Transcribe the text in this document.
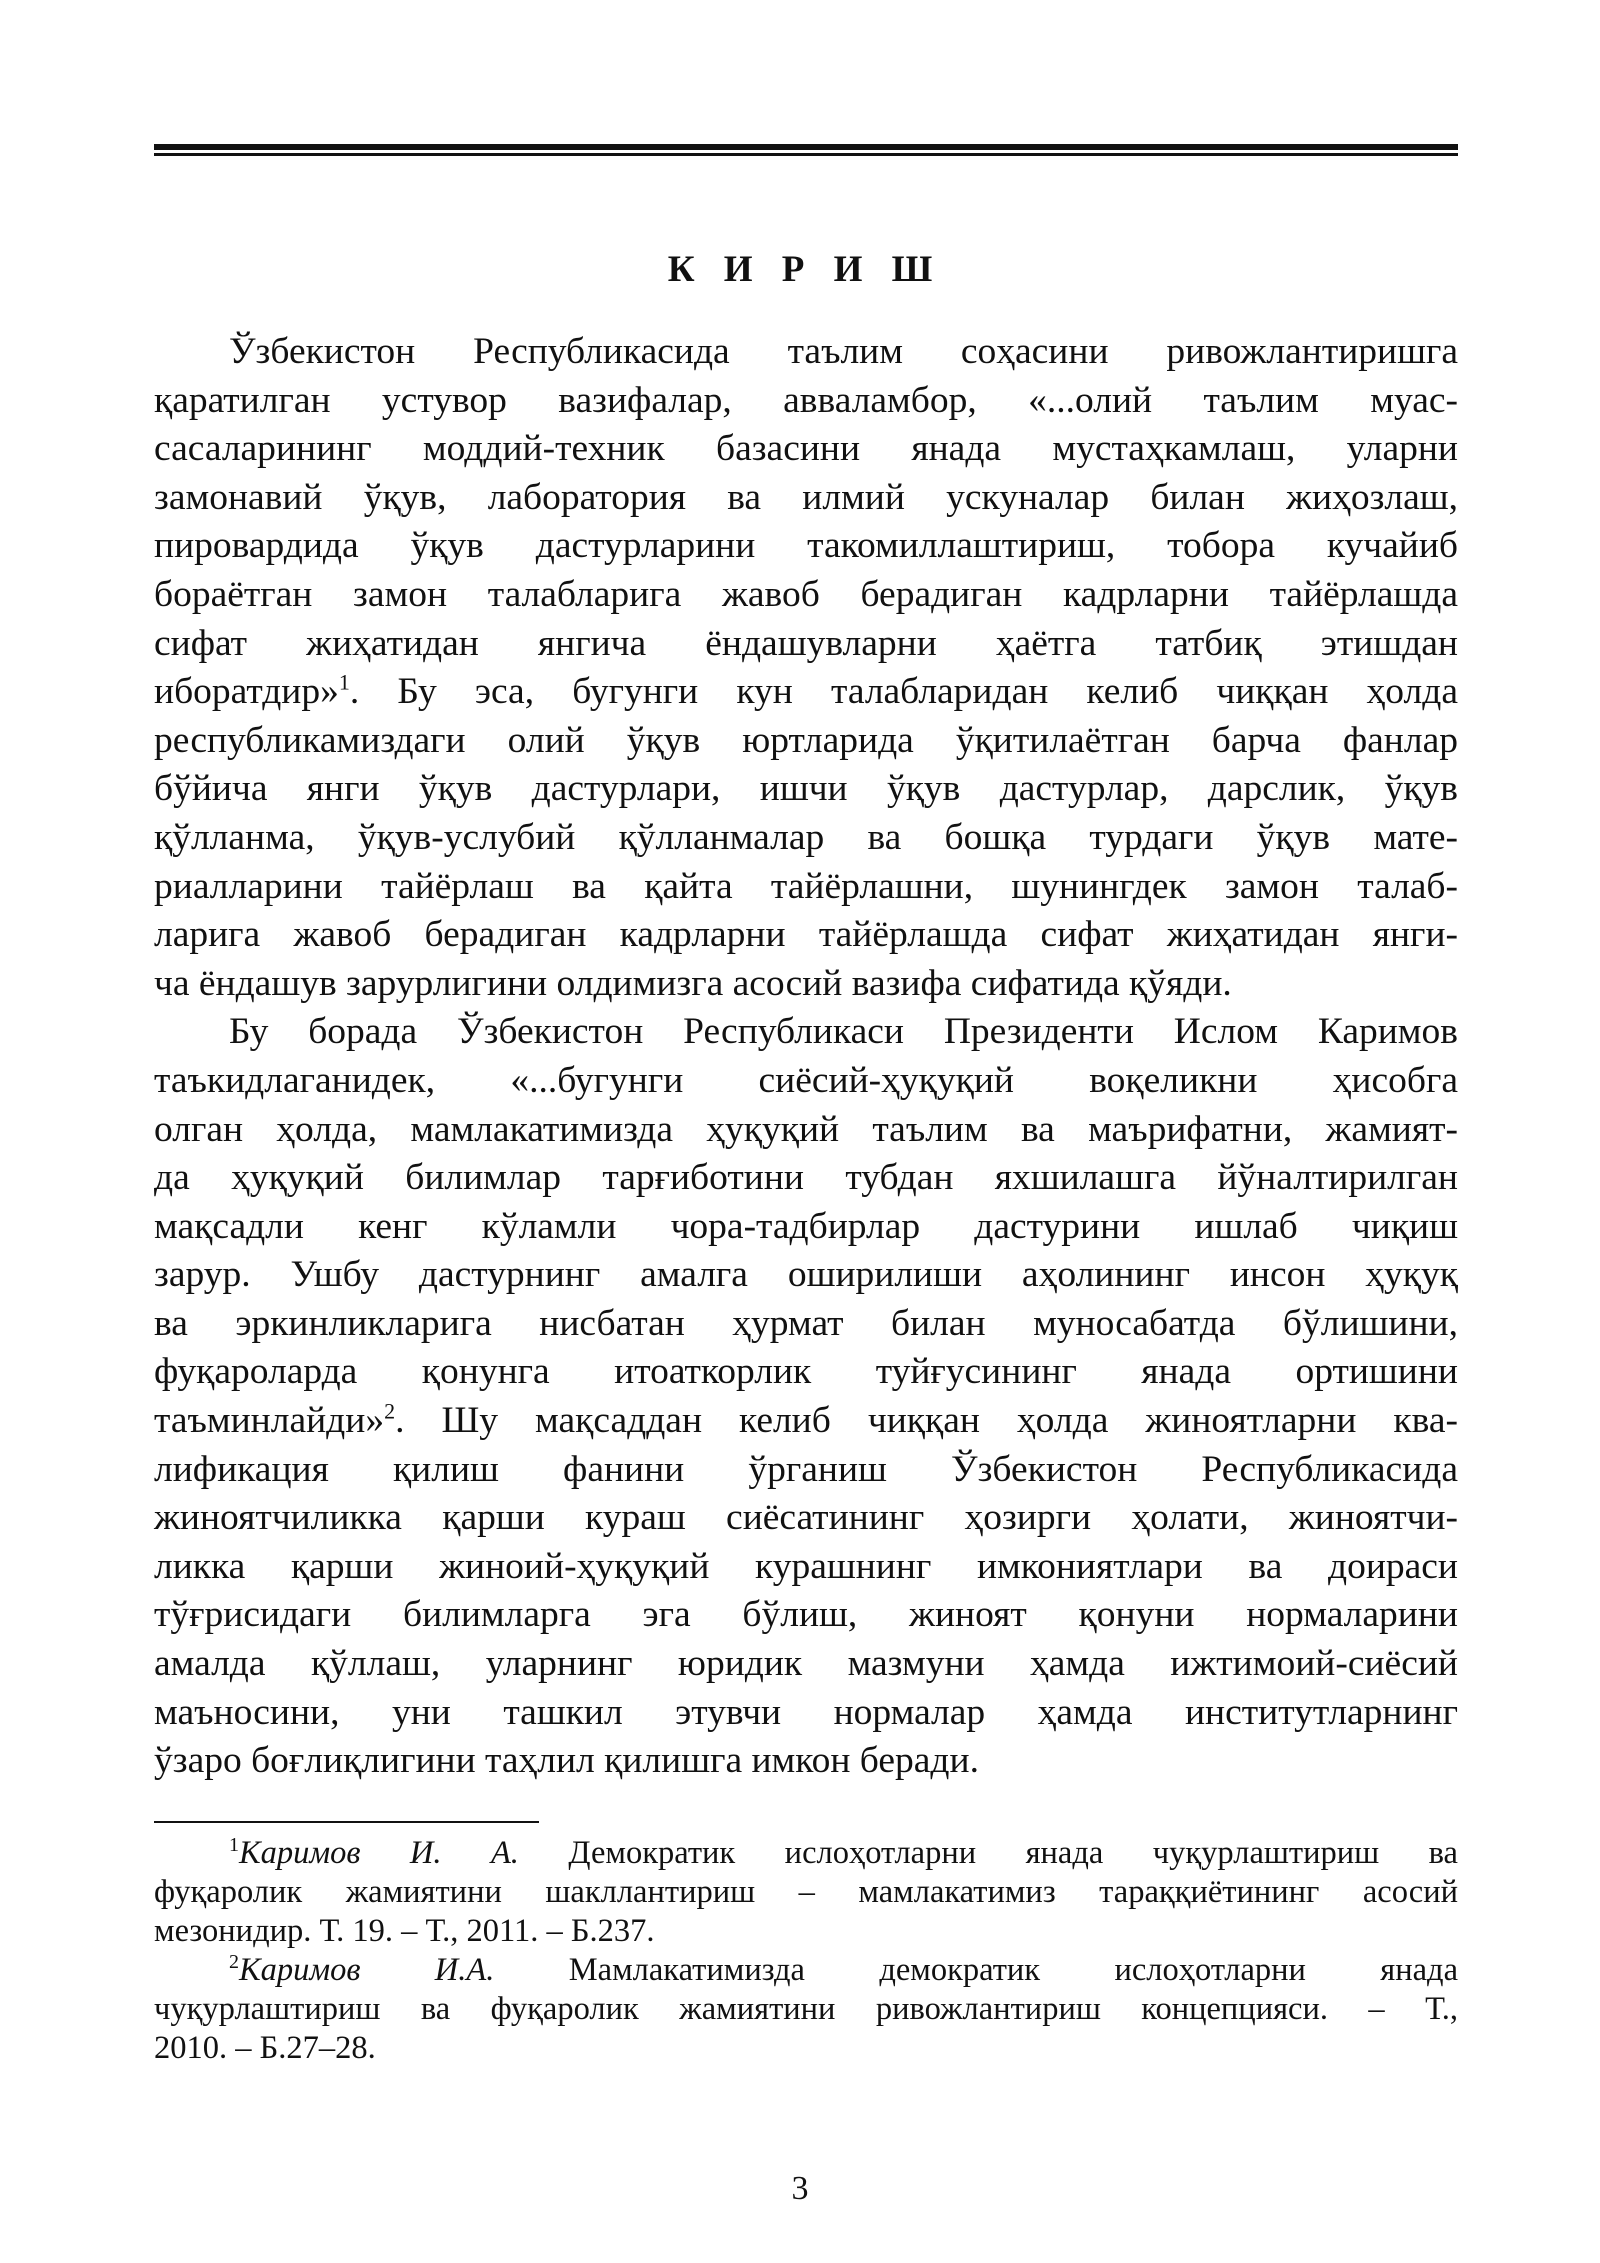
К И Р И Ш
Ўзбекистон Республикасида таълим соҳасини ривожлантиришга
қаратилган устувор вазифалар, авваламбор, «...олий таълим муас-
сасаларининг моддий-техник базасини янада мустаҳкамлаш, уларни
замонавий ўқув, лаборатория ва илмий ускуналар билан жиҳозлаш,
пировардида ўқув дастурларини такомиллаштириш, тобора кучайиб
бораётган замон талабларига жавоб берадиган кадрларни тайёрлашда
сифат жиҳатидан янгича ёндашувларни ҳаётга татбиқ этишдан
иборатдир»$^1$. Бу эса, бугунги кун талабларидан келиб чиққан ҳолда
республикамиздаги олий ўқув юртларида ўқитилаётган барча фанлар
бўйича янги ўқув дастурлари, ишчи ўқув дастурлар, дарслик, ўқув
қўлланма, ўқув-услубий қўлланмалар ва бошқа турдаги ўқув мате-
риалларини тайёрлаш ва қайта тайёрлашни, шунингдек замон талаб-
ларига жавоб берадиган кадрларни тайёрлашда сифат жиҳатидан янги-
ча ёндашув зарурлигини олдимизга асосий вазифа сифатида қўяди.
Бу борада Ўзбекистон Республикаси Президенти Ислом Каримов
таъкидлаганидек, «...бугунги сиёсий-ҳуқуқий воқеликни ҳисобга
олган ҳолда, мамлакатимизда ҳуқуқий таълим ва маърифатни, жамият-
да ҳуқуқий билимлар тарғиботини тубдан яхшилашга йўналтирилган
мақсадли кенг кўламли чора-тадбирлар дастурини ишлаб чиқиш
зарур. Ушбу дастурнинг амалга оширилиши аҳолининг инсон ҳуқуқ
ва эркинликларига нисбатан ҳурмат билан муносабатда бўлишини,
фуқароларда қонунга итоаткорлик туйғусининг янада ортишини
таъминлайди»$^2$. Шу мақсаддан келиб чиққан ҳолда жиноятларни ква-
лификация қилиш фанини ўрганиш Ўзбекистон Республикасида
жиноятчиликка қарши кураш сиёсатининг ҳозирги ҳолати, жиноятчи-
ликка қарши жиноий-ҳуқуқий курашнинг имкониятлари ва доираси
тўғрисидаги билимларга эга бўлиш, жиноят қонуни нормаларини
амалда қўллаш, уларнинг юридик мазмуни ҳамда ижтимоий-сиёсий
маъносини, уни ташкил этувчи нормалар ҳамда институтларнинг
ўзаро боғлиқлигини таҳлил қилишга имкон беради.
$^1$Каримов И. А. Демократик ислоҳотларни янада чуқурлаштириш ва
фуқаролик жамиятини шакллантириш – мамлакатимиз тараққиётининг асосий
мезонидир. Т. 19. – Т., 2011. – Б.237.
$^2$Каримов И.А. Мамлакатимизда демократик ислоҳотларни янада
чуқурлаштириш ва фуқаролик жамиятини ривожлантириш концепцияси. – Т.,
2010. – Б.27–28.
3
